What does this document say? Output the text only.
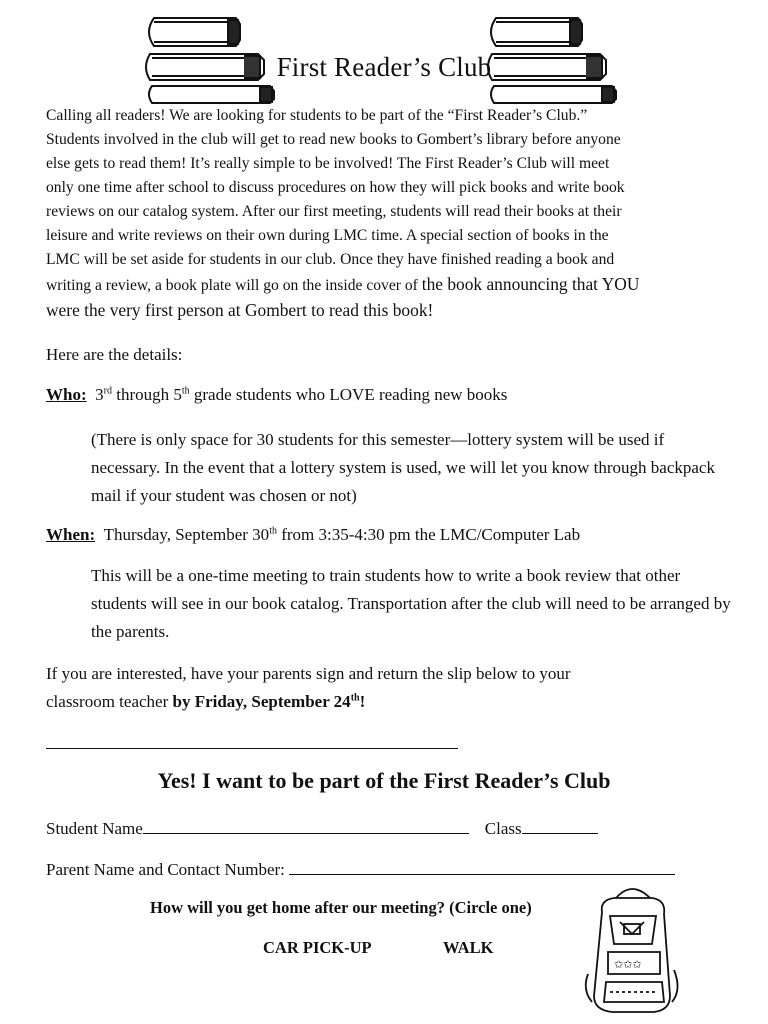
First Reader’s Club
Calling all readers! We are looking for students to be part of the “First Reader’s Club.”
Students involved in the club will get to read new books to Gombert’s library before anyone
else gets to read them! It’s really simple to be involved! The First Reader’s Club will meet
only one time after school to discuss procedures on how they will pick books and write book
reviews on our catalog system. After our first meeting, students will read their books at their
leisure and write reviews on their own during LMC time. A special section of books in the
LMC will be set aside for students in our club. Once they have finished reading a book and
writing a review, a book plate will go on the inside cover of the book announcing that YOU
were the very first person at Gombert to read this book!

Here are the details:

Who: 3rd through 5th grade students who LOVE reading new books

(There is only space for 30 students for this semester—lottery system will be used if necessary. In the event that a lottery system is used, we will let you know through backpack mail if your student was chosen or not)

When: Thursday, September 30th from 3:35-4:30 pm the LMC/Computer Lab

This will be a one-time meeting to train students how to write a book review that other students will see in our book catalog. Transportation after the club will need to be arranged by the parents.

If you are interested, have your parents sign and return the slip below to your
classroom teacher by Friday, September 24th!

Yes! I want to be part of the First Reader’s Club
Student Name	Class
Parent Name and Contact Number:
How will you get home after our meeting? (Circle one)
CAR PICK-UP	WALK
✩✩✩
